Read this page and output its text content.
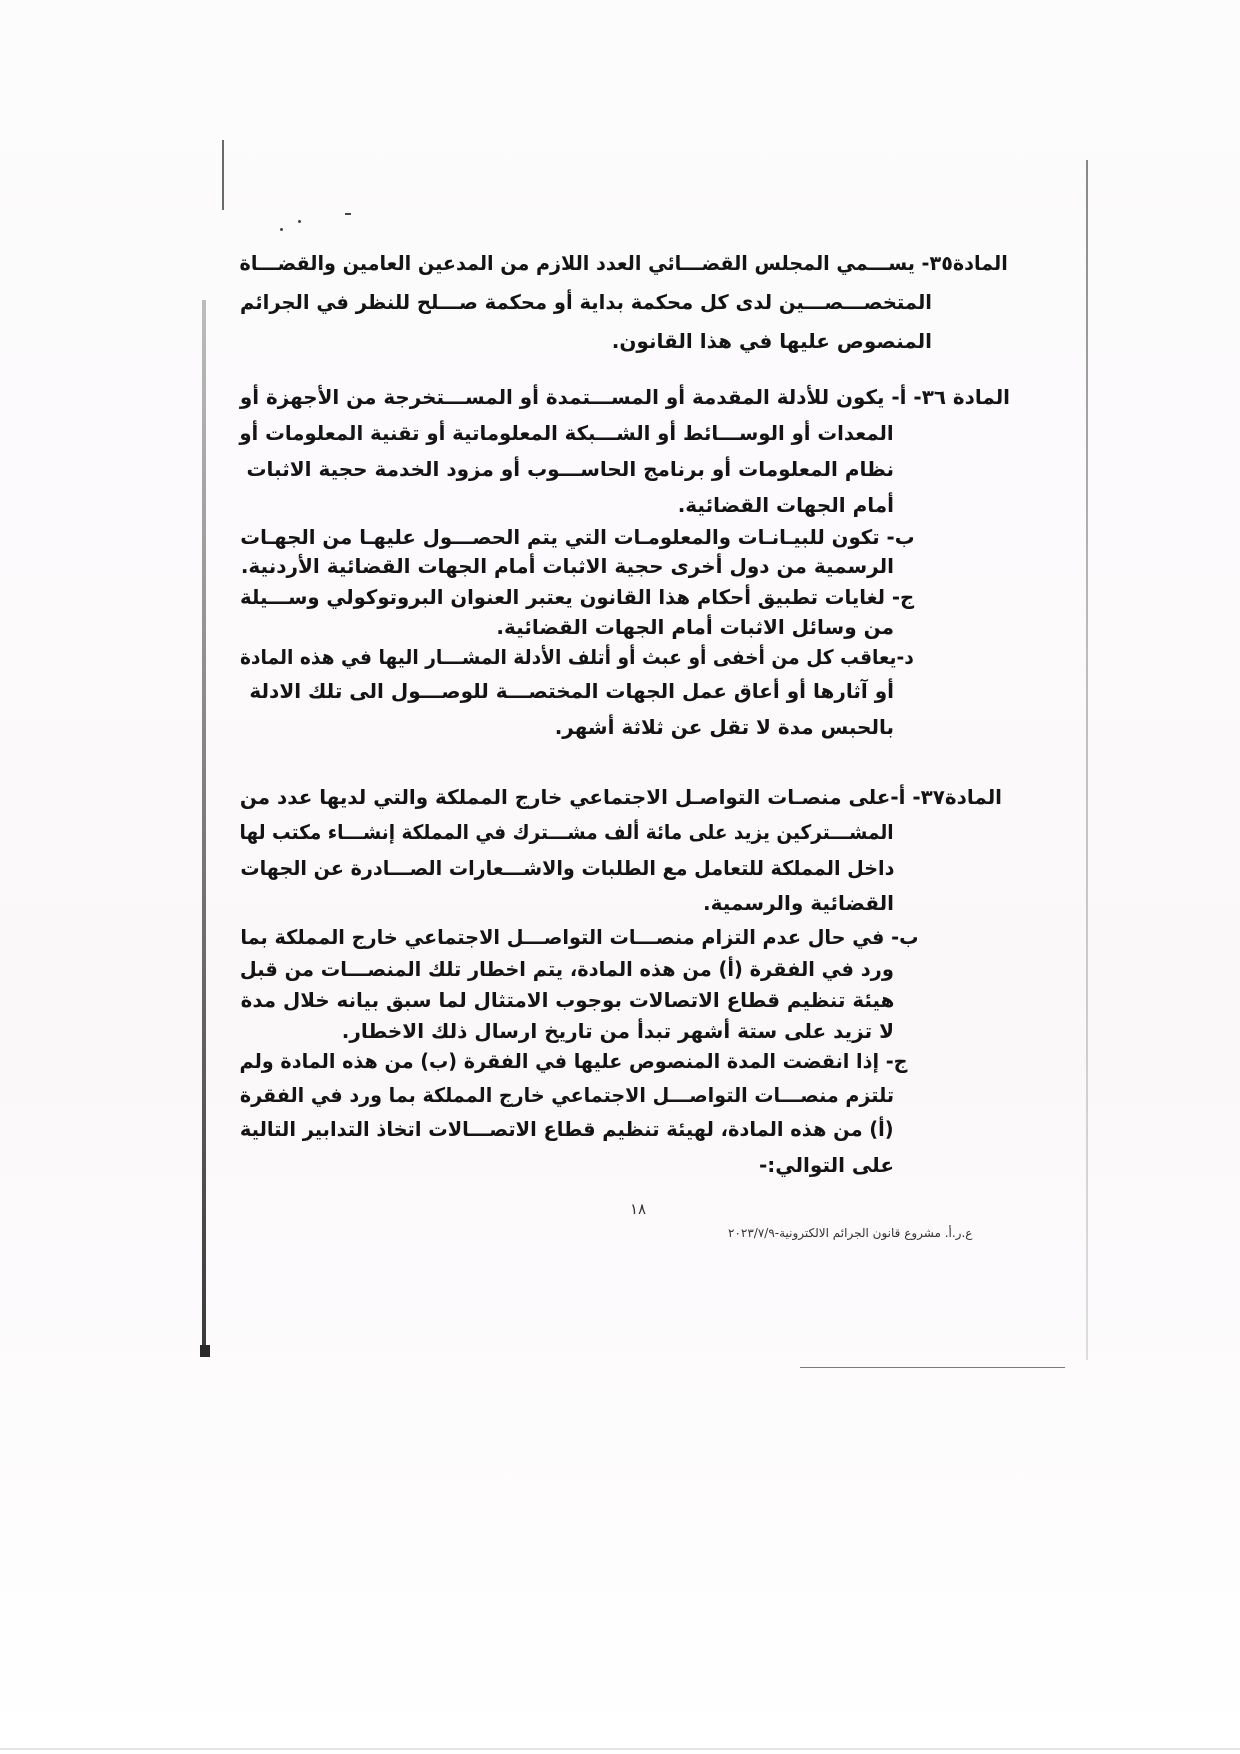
المادة٣٥- يســـمي المجلس القضـــائي العدد اللازم من المدعين العامين والقضـــاة

المتخصـــصـــين لدى كل محكمة بداية أو محكمة صـــلح للنظر في الجرائم

المنصوص عليها في هذا القانون.

المادة ٣٦- أ- يكون للأدلة المقدمة أو المســـتمدة أو المســـتخرجة من الأجهزة أو

المعدات أو الوســـائط أو الشـــبكة المعلوماتية أو تقنية المعلومات أو

نظام المعلومات أو برنامج الحاســـوب أو مزود الخدمة حجية الاثبات

أمام الجهات القضائية.

ب- تكون للبيـانـات والمعلومـات التي يتم الحصـــول عليهـا من الجهـات

الرسمية من دول أخرى حجية الاثبات أمام الجهات القضائية الأردنية.

ج- لغايات تطبيق أحكام هذا القانون يعتبر العنوان البروتوكولي وســـيلة

من وسائل الاثبات أمام الجهات القضائية.

د-يعاقب كل من أخفى أو عبث أو أتلف الأدلة المشـــار اليها في هذه المادة

أو آثارها أو أعاق عمل الجهات المختصـــة للوصـــول الى تلك الادلة

بالحبس مدة لا تقل عن ثلاثة أشهر.

المادة٣٧- أ-على منصـات التواصـل الاجتماعي خارج المملكة والتي لديها عدد من

المشـــتركين يزيد على مائة ألف مشـــترك في المملكة إنشـــاء مكتب لها

داخل المملكة للتعامل مع الطلبات والاشـــعارات الصـــادرة عن الجهات

القضائية والرسمية.

ب- في حال عدم التزام منصـــات التواصـــل الاجتماعي خارج المملكة بما

ورد في الفقرة (أ) من هذه المادة، يتم اخطار تلك المنصـــات من قبل

هيئة تنظيم قطاع الاتصالات بوجوب الامتثال لما سبق بيانه خلال مدة

لا تزيد على ستة أشهر تبدأ من تاريخ ارسال ذلك الاخطار.

ج- إذا انقضت المدة المنصوص عليها في الفقرة (ب) من هذه المادة ولم

تلتزم منصـــات التواصـــل الاجتماعي خارج المملكة بما ورد في الفقرة

(أ) من هذه المادة، لهيئة تنظيم قطاع الاتصـــالات اتخاذ التدابير التالية

على التوالي:-

١٨
ع.ر.أ. مشروع قانون الجرائم الالكترونية-٢٠٢٣/٧/٩
